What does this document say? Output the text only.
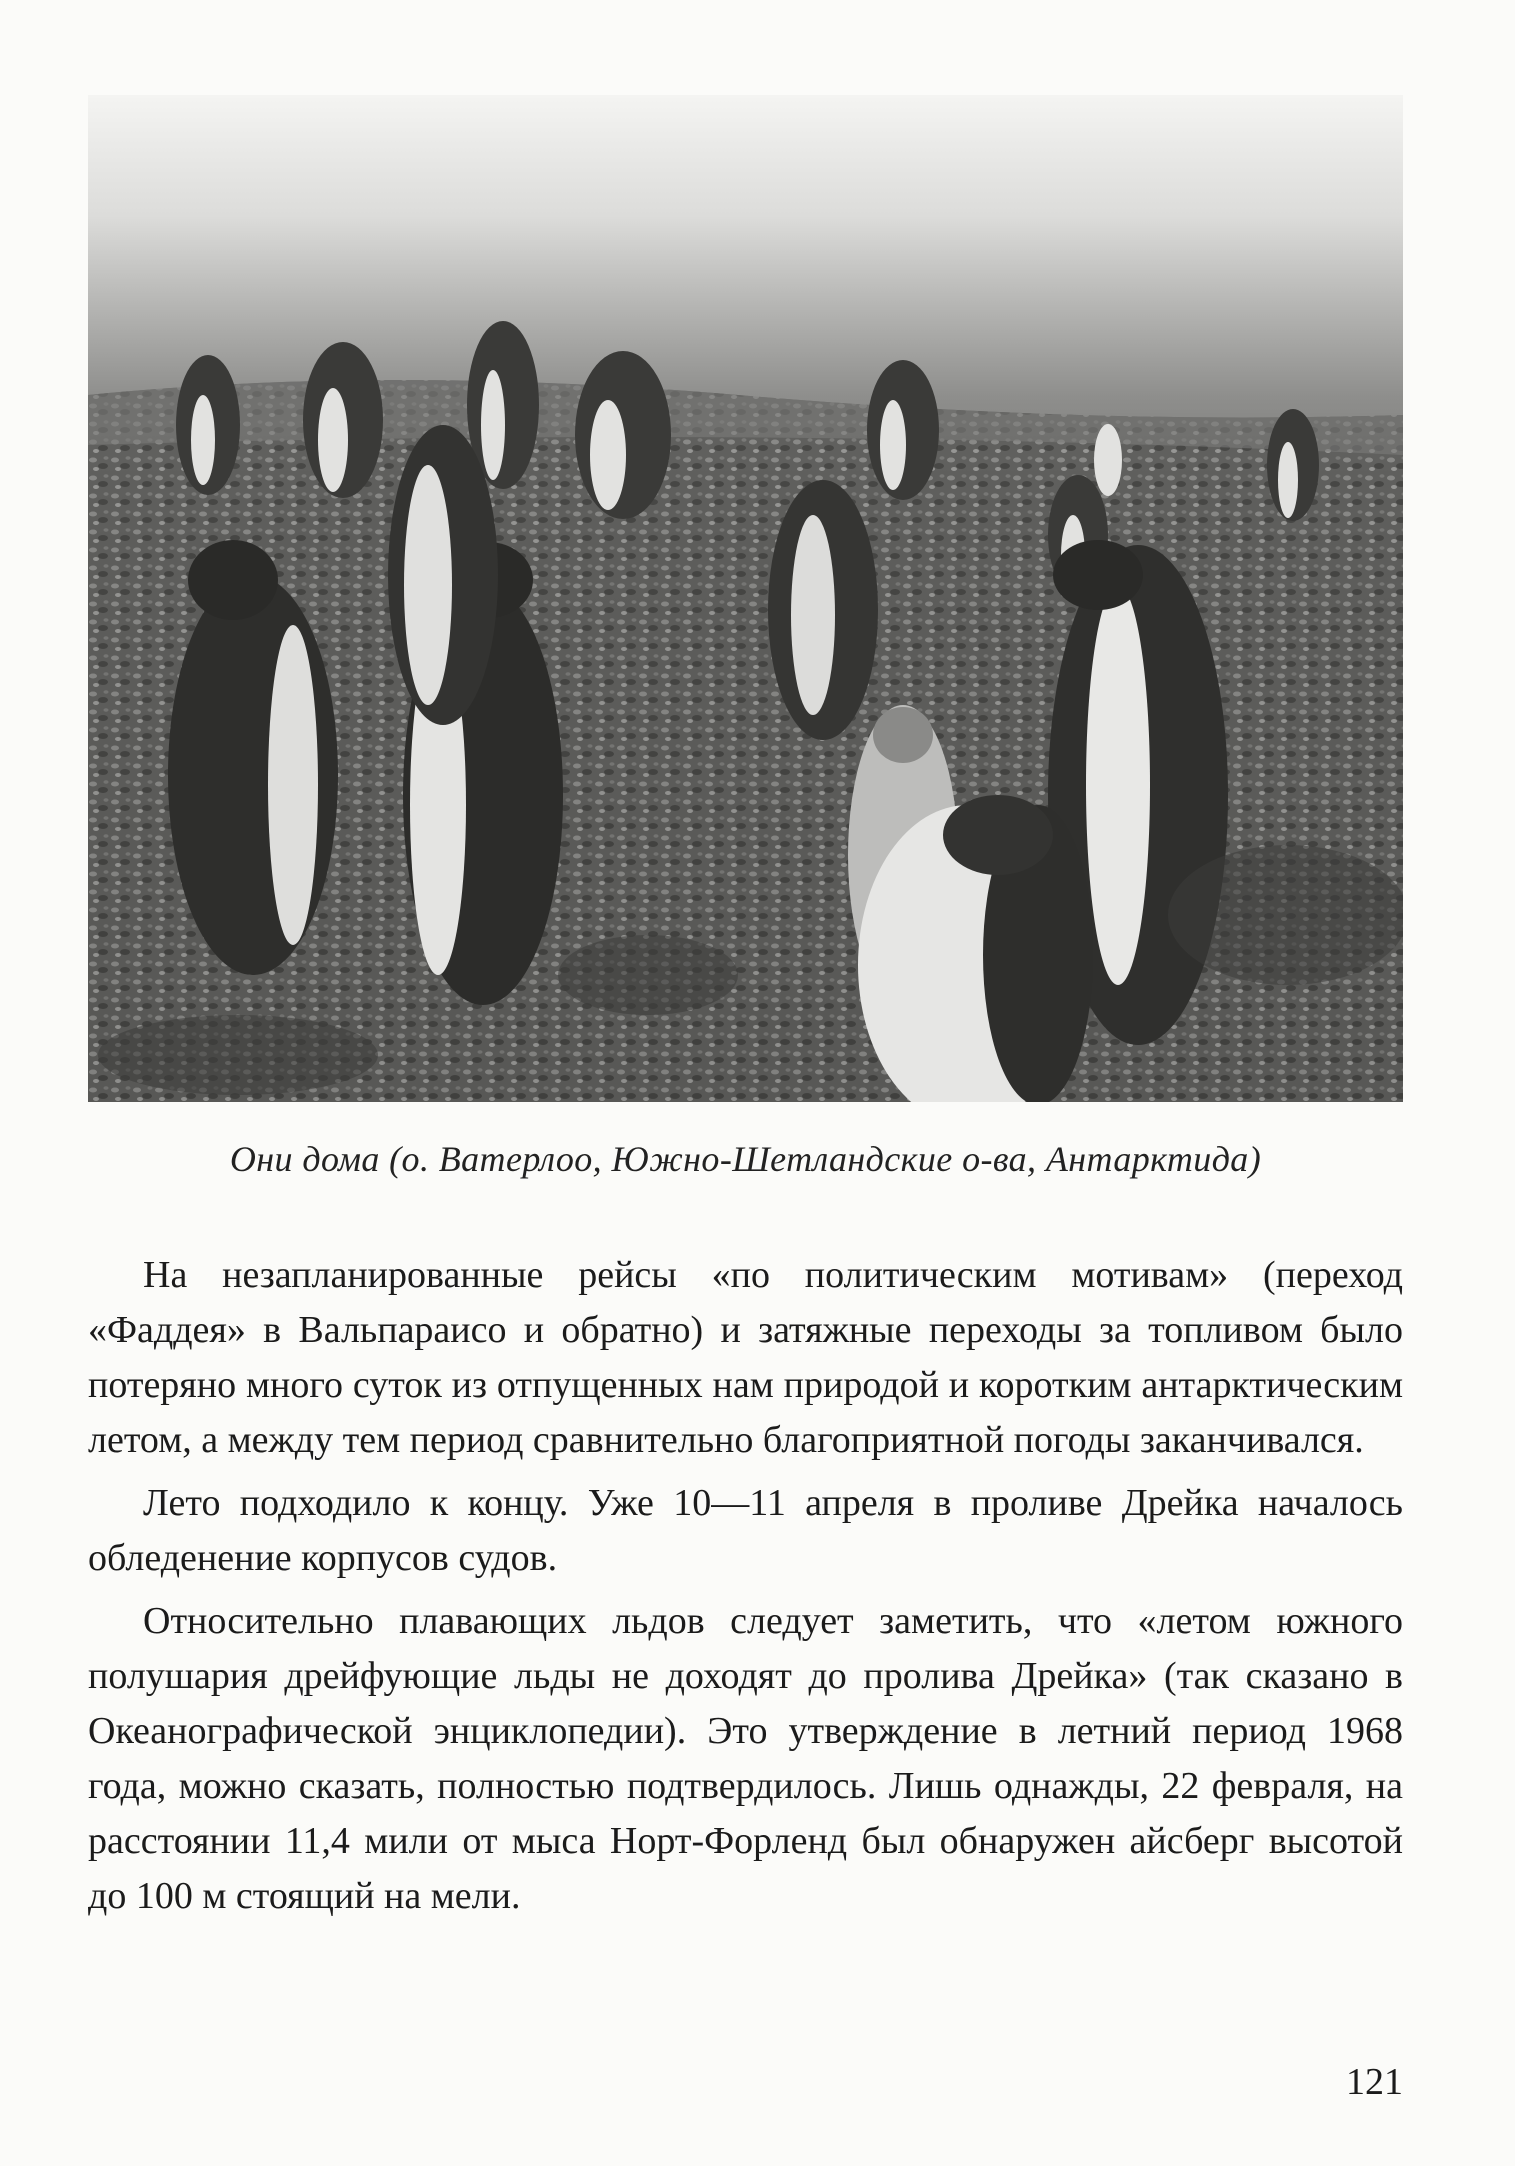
Они дома (о. Ватерлоо, Южно-Шетландские о-ва, Антарктида)

На незапланированные рейсы «по политическим мотивам» (переход «Фаддея» в Вальпараисо и обратно) и затяжные переходы за топливом было потеряно много суток из отпущенных нам природой и коротким антарктическим летом, а между тем период сравнительно благоприятной погоды заканчивался.

Лето подходило к концу. Уже 10—11 апреля в проливе Дрейка началось обледенение корпусов судов.

Относительно плавающих льдов следует заметить, что «летом южного полушария дрейфующие льды не доходят до пролива Дрейка» (так сказано в Океанографической энциклопедии). Это утверждение в летний период 1968 года, можно сказать, полностью подтвердилось. Лишь однажды, 22 февраля, на расстоянии 11,4 мили от мыса Норт-Форленд был обнаружен айсберг высотой до 100 м стоящий на мели.

121
